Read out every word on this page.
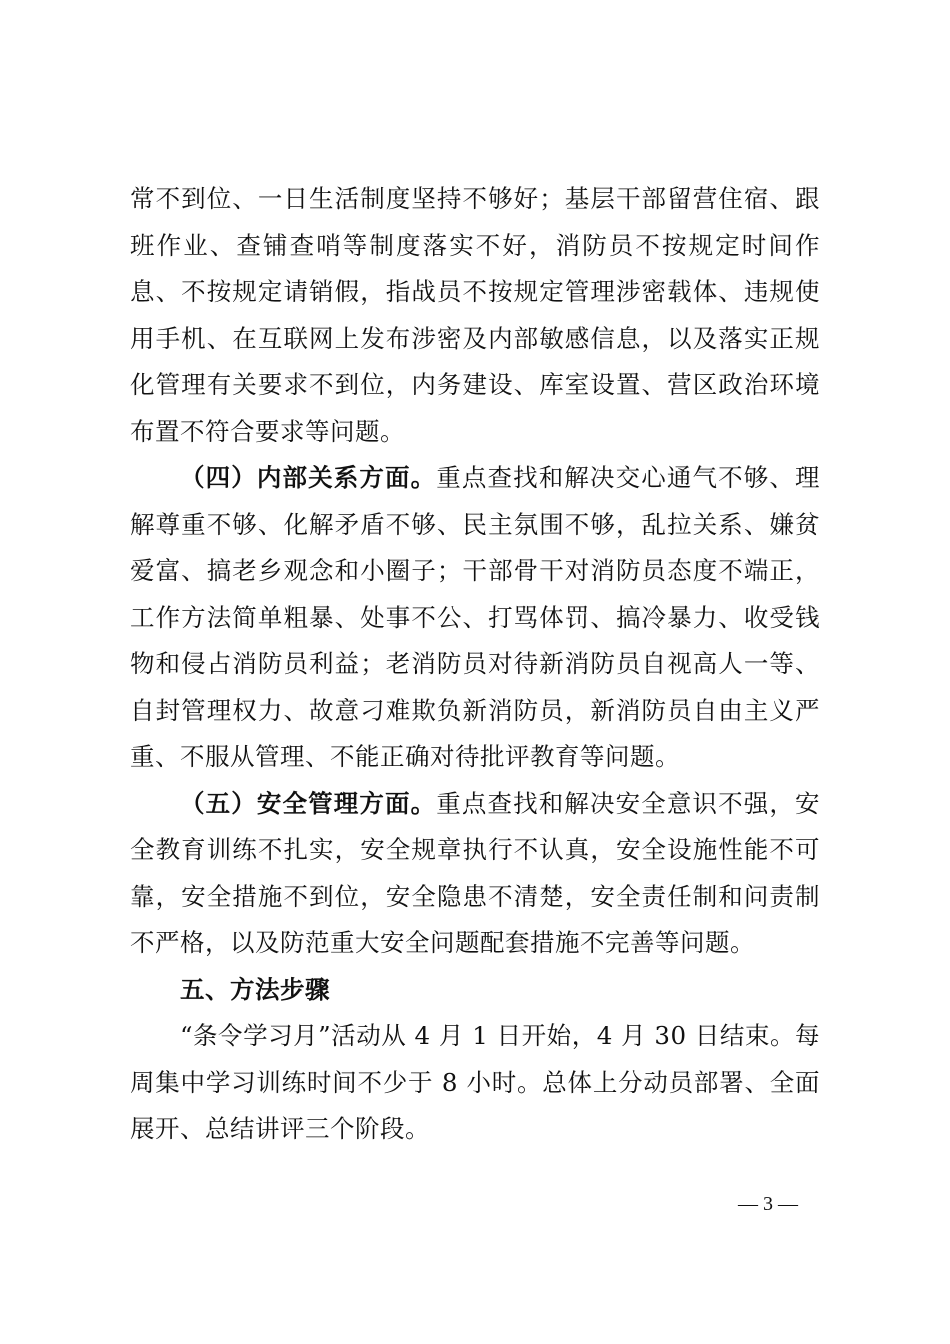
常不到位、一日生活制度坚持不够好；基层干部留营住宿、跟班作业、查铺查哨等制度落实不好，消防员不按规定时间作息、不按规定请销假，指战员不按规定管理涉密载体、违规使用手机、在互联网上发布涉密及内部敏感信息，以及落实正规化管理有关要求不到位，内务建设、库室设置、营区政治环境布置不符合要求等问题。

（四）内部关系方面。重点查找和解决交心通气不够、理解尊重不够、化解矛盾不够、民主氛围不够，乱拉关系、嫌贫爱富、搞老乡观念和小圈子；干部骨干对消防员态度不端正，工作方法简单粗暴、处事不公、打骂体罚、搞冷暴力、收受钱物和侵占消防员利益；老消防员对待新消防员自视高人一等、自封管理权力、故意刁难欺负新消防员，新消防员自由主义严重、不服从管理、不能正确对待批评教育等问题。

（五）安全管理方面。重点查找和解决安全意识不强，安全教育训练不扎实，安全规章执行不认真，安全设施性能不可靠，安全措施不到位，安全隐患不清楚，安全责任制和问责制不严格，以及防范重大安全问题配套措施不完善等问题。

五、方法步骤

“条令学习月”活动从 4 月 1 日开始，4 月 30 日结束。每周集中学习训练时间不少于 8 小时。总体上分动员部署、全面展开、总结讲评三个阶段。

— 3 —
